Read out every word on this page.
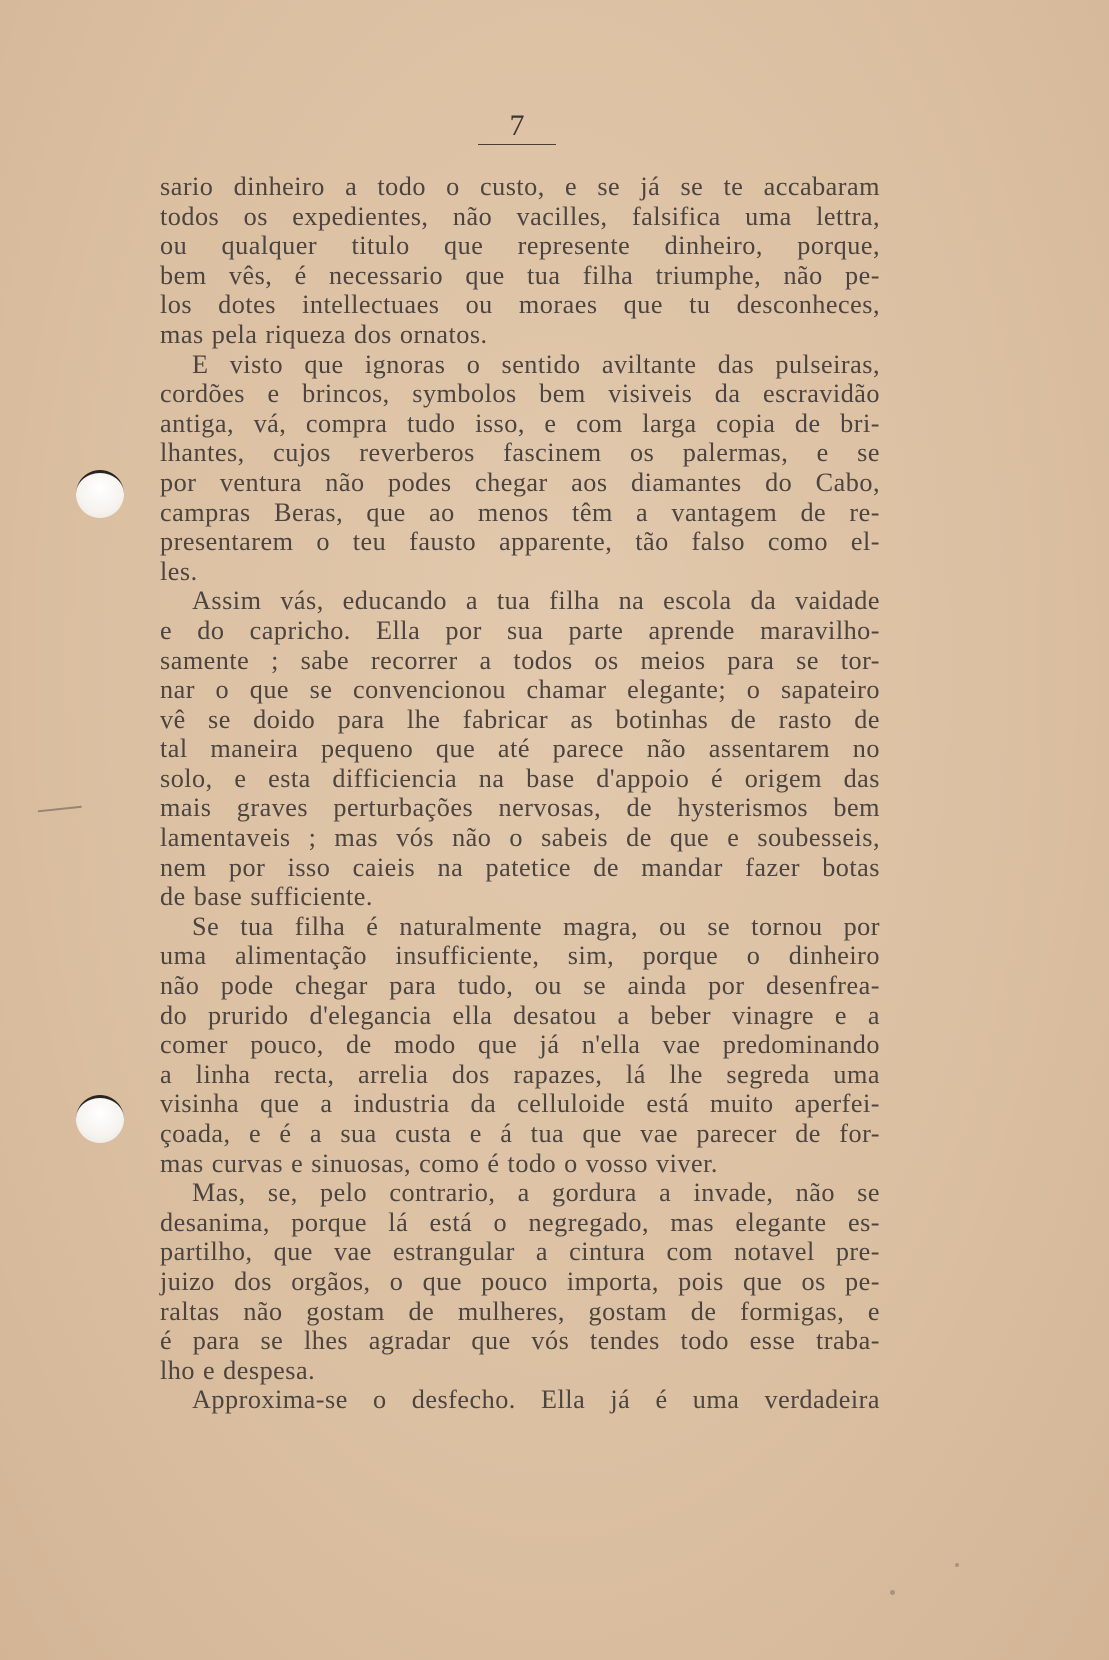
7
sario dinheiro a todo o custo, e se já se te accabaram
todos os expedientes, não vacilles, falsifica uma lettra,
ou qualquer titulo que represente dinheiro, porque,
bem vês, é necessario que tua filha triumphe, não pe-
los dotes intellectuaes ou moraes que tu desconheces,
mas pela riqueza dos ornatos.
E visto que ignoras o sentido aviltante das pulseiras,
cordões e brincos, symbolos bem visiveis da escravidão
antiga, vá, compra tudo isso, e com larga copia de bri-
lhantes, cujos reverberos fascinem os palermas, e se
por ventura não podes chegar aos diamantes do Cabo,
campras Beras, que ao menos têm a vantagem de re-
presentarem o teu fausto apparente, tão falso como el-
les.
Assim vás, educando a tua filha na escola da vaidade
e do capricho. Ella por sua parte aprende maravilho-
samente ; sabe recorrer a todos os meios para se tor-
nar o que se convencionou chamar elegante; o sapateiro
vê se doido para lhe fabricar as botinhas de rasto de
tal maneira pequeno que até parece não assentarem no
solo, e esta difficiencia na base d'appoio é origem das
mais graves perturbações nervosas, de hysterismos bem
lamentaveis ; mas vós não o sabeis de que e soubesseis,
nem por isso caieis na patetice de mandar fazer botas
de base sufficiente.
Se tua filha é naturalmente magra, ou se tornou por
uma alimentação insufficiente, sim, porque o dinheiro
não pode chegar para tudo, ou se ainda por desenfrea-
do prurido d'elegancia ella desatou a beber vinagre e a
comer pouco, de modo que já n'ella vae predominando
a linha recta, arrelia dos rapazes, lá lhe segreda uma
visinha que a industria da celluloide está muito aperfei-
çoada, e é a sua custa e á tua que vae parecer de for-
mas curvas e sinuosas, como é todo o vosso viver.
Mas, se, pelo contrario, a gordura a invade, não se
desanima, porque lá está o negregado, mas elegante es-
partilho, que vae estrangular a cintura com notavel pre-
juizo dos orgãos, o que pouco importa, pois que os pe-
raltas não gostam de mulheres, gostam de formigas, e
é para se lhes agradar que vós tendes todo esse traba-
lho e despesa.
Approxima-se o desfecho. Ella já é uma verdadeira
